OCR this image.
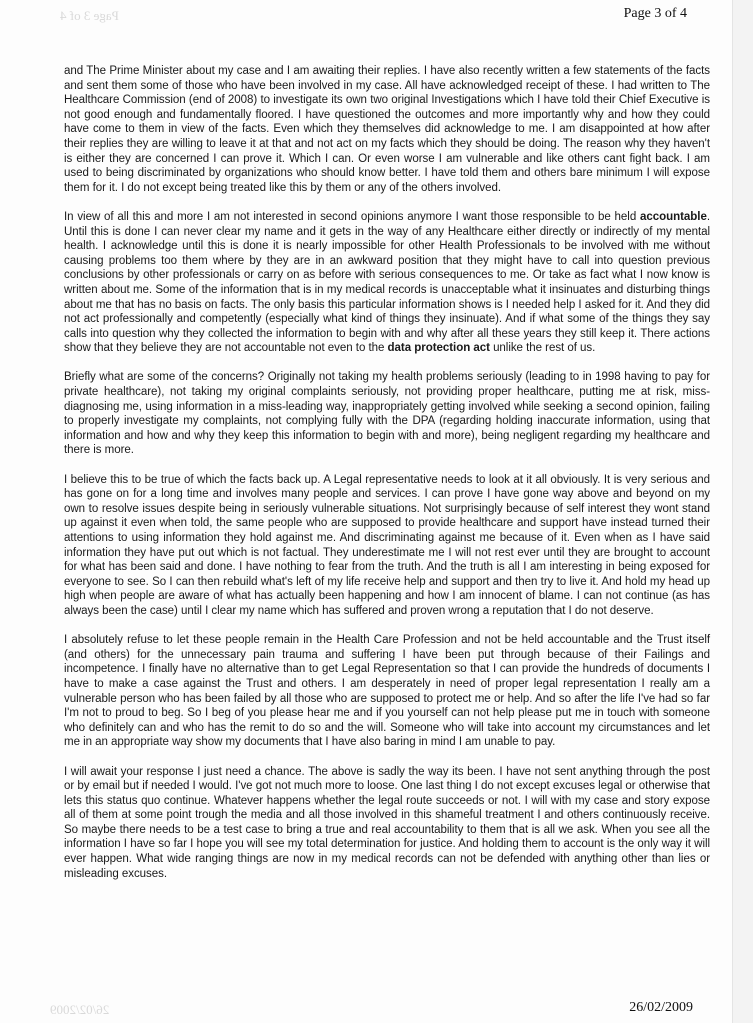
Page 3 of 4
26/02/2009
Page 3 of 4

and The Prime Minister about my case and I am awaiting their replies. I have also recently written a few statements of the facts and sent them some of those who have been involved in my case. All have acknowledged receipt of these. I had written to The Healthcare Commission (end of 2008) to investigate its own two original Investigations which I have told their Chief Executive is not good enough and fundamentally floored. I have questioned the outcomes and more importantly why and how they could have come to them in view of the facts. Even which they themselves did acknowledge to me. I am disappointed at how after their replies they are willing to leave it at that and not act on my facts which they should be doing. The reason why they haven't is either they are concerned I can prove it. Which I can. Or even worse I am vulnerable and like others cant fight back. I am used to being discriminated by organizations who should know better. I have told them and others bare minimum I will expose them for it. I do not except being treated like this by them or any of the others involved.

In view of all this and more I am not interested in second opinions anymore I want those responsible to be held accountable. Until this is done I can never clear my name and it gets in the way of any Healthcare either directly or indirectly of my mental health. I acknowledge until this is done it is nearly impossible for other Health Professionals to be involved with me without causing problems too them where by they are in an awkward position that they might have to call into question previous conclusions by other professionals or carry on as before with serious consequences to me. Or take as fact what I now know is written about me. Some of the information that is in my medical records is unacceptable what it insinuates and disturbing things about me that has no basis on facts. The only basis this particular information shows is I needed help I asked for it. And they did not act professionally and competently (especially what kind of things they insinuate). And if what some of the things they say calls into question why they collected the information to begin with and why after all these years they still keep it. There actions show that they believe they are not accountable not even to the data protection act unlike the rest of us.

Briefly what are some of the concerns? Originally not taking my health problems seriously (leading to in 1998 having to pay for private healthcare), not taking my original complaints seriously, not providing proper healthcare, putting me at risk, miss-diagnosing me, using information in a miss-leading way, inappropriately getting involved while seeking a second opinion, failing to properly investigate my complaints, not complying fully with the DPA (regarding holding inaccurate information, using that information and how and why they keep this information to begin with and more), being negligent regarding my healthcare and there is more.

I believe this to be true of which the facts back up. A Legal representative needs to look at it all obviously. It is very serious and has gone on for a long time and involves many people and services. I can prove I have gone way above and beyond on my own to resolve issues despite being in seriously vulnerable situations. Not surprisingly because of self interest they wont stand up against it even when told, the same people who are supposed to provide healthcare and support have instead turned their attentions to using information they hold against me. And discriminating against me because of it. Even when as I have said information they have put out which is not factual. They underestimate me I will not rest ever until they are brought to account for what has been said and done. I have nothing to fear from the truth. And the truth is all I am interesting in being exposed for everyone to see. So I can then rebuild what's left of my life receive help and support and then try to live it. And hold my head up high when people are aware of what has actually been happening and how I am innocent of blame. I can not continue (as has always been the case) until I clear my name which has suffered and proven wrong a reputation that I do not deserve.

I absolutely refuse to let these people remain in the Health Care Profession and not be held accountable and the Trust itself (and others) for the unnecessary pain trauma and suffering I have been put through because of their Failings and incompetence. I finally have no alternative than to get Legal Representation so that I can provide the hundreds of documents I have to make a case against the Trust and others. I am desperately in need of proper legal representation I really am a vulnerable person who has been failed by all those who are supposed to protect me or help. And so after the life I've had so far I'm not to proud to beg. So I beg of you please hear me and if you yourself can not help please put me in touch with someone who definitely can and who has the remit to do so and the will. Someone who will take into account my circumstances and let me in an appropriate way show my documents that I have also baring in mind I am unable to pay.

I will await your response I just need a chance. The above is sadly the way its been. I have not sent anything through the post or by email but if needed I would. I've got not much more to loose. One last thing I do not except excuses legal or otherwise that lets this status quo continue. Whatever happens whether the legal route succeeds or not. I will with my case and story expose all of them at some point trough the media and all those involved in this shameful treatment I and others continuously receive. So maybe there needs to be a test case to bring a true and real accountability to them that is all we ask. When you see all the information I have so far I hope you will see my total determination for justice. And holding them to account is the only way it will ever happen. What wide ranging things are now in my medical records can not be defended with anything other than lies or misleading excuses.

26/02/2009
